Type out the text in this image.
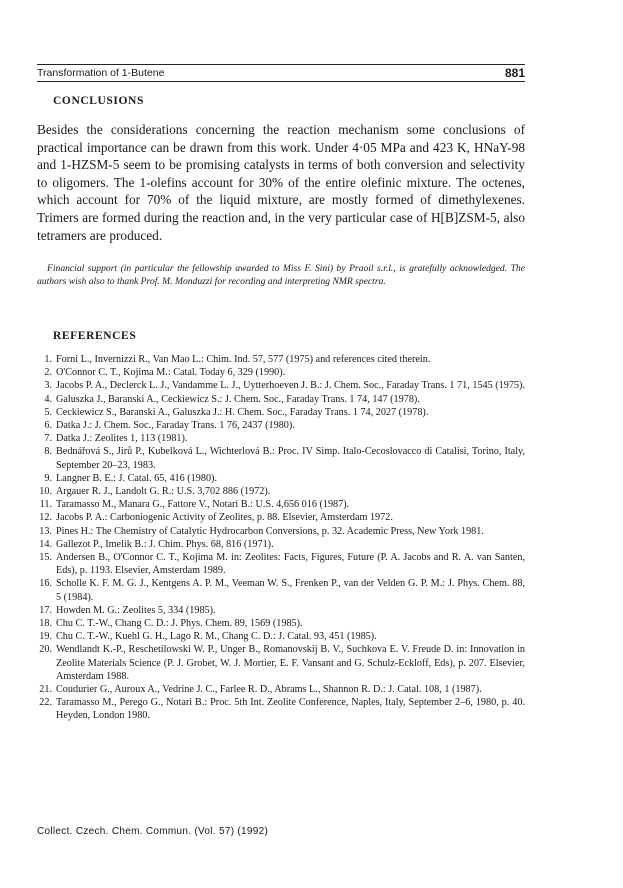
Transformation of 1-Butene	881
CONCLUSIONS

Besides the considerations concerning the reaction mechanism some conclusions of practical importance can be drawn from this work. Under 4·05 MPa and 423 K, HNaY-98 and 1-HZSM-5 seem to be promising catalysts in terms of both conversion and selectivity to oligomers. The 1-olefins account for 30% of the entire olefinic mixture. The octenes, which account for 70% of the liquid mixture, are mostly formed of dimethylexenes. Trimers are formed during the reaction and, in the very particular case of H[B]ZSM-5, also tetramers are produced.

Financial support (in particular the fellowship awarded to Miss F. Sini) by Praoil s.r.l., is gratefully acknowledged. The authors wish also to thank Prof. M. Monduzzi for recording and interpreting NMR spectra.

REFERENCES
1. Forni L., Invernizzi R., Van Mao L.: Chim. Ind. 57, 577 (1975) and references cited therein.
2. O'Connor C. T., Kojima M.: Catal. Today 6, 329 (1990).
3. Jacobs P. A., Declerck L. J., Vandamme L. J., Uytterhoeven J. B.: J. Chem. Soc., Faraday Trans. 1 71, 1545 (1975).
4. Galuszka J., Baranski A., Ceckiewicz S.: J. Chem. Soc., Faraday Trans. 1 74, 147 (1978).
5. Ceckiewicz S., Baranski A., Galuszka J.: H. Chem. Soc., Faraday Trans. 1 74, 2027 (1978).
6. Datka J.: J. Chem. Soc., Faraday Trans. 1 76, 2437 (1980).
7. Datka J.: Zeolites 1, 113 (1981).
8. Bednářová S., Jirů P., Kubelková L., Wichterlová B.: Proc. IV Simp. Italo-Cecoslovacco di Catalisi, Torino, Italy, September 20–23, 1983.
9. Langner B. E.: J. Catal. 65, 416 (1980).
10. Argauer R. J., Landolt G. R.: U.S. 3,702 886 (1972).
11. Taramasso M., Manara G., Fattore V., Notari B.: U.S. 4,656 016 (1987).
12. Jacobs P. A.: Carboniogenic Activity of Zeolites, p. 88. Elsevier, Amsterdam 1972.
13. Pines H.: The Chemistry of Catalytic Hydrocarbon Conversions, p. 32. Academic Press, New York 1981.
14. Gallezot P., Imelik B.: J. Chim. Phys. 68, 816 (1971).
15. Andersen B., O'Connor C. T., Kojima M. in: Zeolites: Facts, Figures, Future (P. A. Jacobs and R. A. van Santen, Eds), p. 1193. Elsevier, Amsterdam 1989.
16. Scholle K. F. M. G. J., Kentgens A. P. M., Veeman W. S., Frenken P., van der Velden G. P. M.: J. Phys. Chem. 88, 5 (1984).
17. Howden M. G.: Zeolites 5, 334 (1985).
18. Chu C. T.-W., Chang C. D.: J. Phys. Chem. 89, 1569 (1985).
19. Chu C. T.-W., Kuehl G. H., Lago R. M., Chang C. D.: J. Catal. 93, 451 (1985).
20. Wendlandt K.-P., Reschetilowski W. P., Unger B., Romanovskij B. V., Suchkova E. V. Freude D. in: Innovation in Zeolite Materials Science (P. J. Grobet, W. J. Mortier, E. F. Vansant and G. Schulz-Eckloff, Eds), p. 207. Elsevier, Amsterdam 1988.
21. Coudurier G., Auroux A., Vedrine J. C., Farlee R. D., Abrams L., Shannon R. D.: J. Catal. 108, 1 (1987).
22. Taramasso M., Perego G., Notari B.: Proc. 5th Int. Zeolite Conference, Naples, Italy, September 2–6, 1980, p. 40. Heyden, London 1980.
Collect. Czech. Chem. Commun. (Vol. 57) (1992)
